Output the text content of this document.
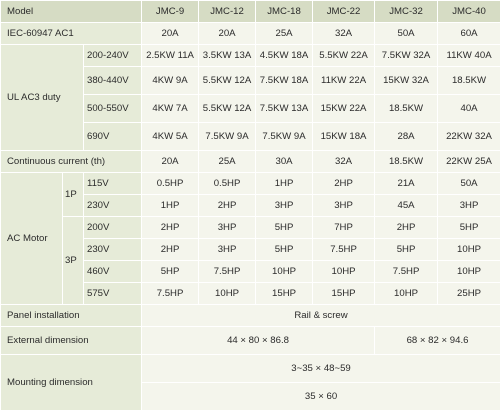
Model			JMC-9	JMC-12	JMC-18	JMC-22	JMC-32	JMC-40
IEC-60947 AC1			20A	20A	25A	32A	50A	60A
UL AC3 duty		200-240V	2.5KW 11A	3.5KW 13A	4.5KW 18A	5.5KW 22A	7.5KW 32A	11KW 40A
		380-440V	4KW 9A	5.5KW 12A	7.5KW 18A	11KW 22A	15KW 32A	18.5KW
		500-550V	4KW 7A	5.5KW 12A	7.5KW 13A	15KW 22A	18.5KW	40A
		690V	4KW 5A	7.5KW 9A	7.5KW 9A	15KW 18A	28A	22KW 32A
Continuous current (th)			20A	25A	30A	32A	18.5KW	22KW 25A
AC Motor	1P	115V	0.5HP	0.5HP	1HP	2HP	21A	50A
		230V	1HP	2HP	3HP	3HP	45A	3HP
	3P	200V	2HP	3HP	5HP	7HP	2HP	5HP
		230V	2HP	3HP	5HP	7.5HP	5HP	10HP
		460V	5HP	7.5HP	10HP	10HP	7.5HP	10HP
		575V	7.5HP	10HP	15HP	15HP	10HP	25HP
Panel installation			Rail & screw					
External dimension			44 × 80 × 86.8				68 × 82 × 94.6	
Mounting dimension			3~35 × 48~59					
			35 × 60					
